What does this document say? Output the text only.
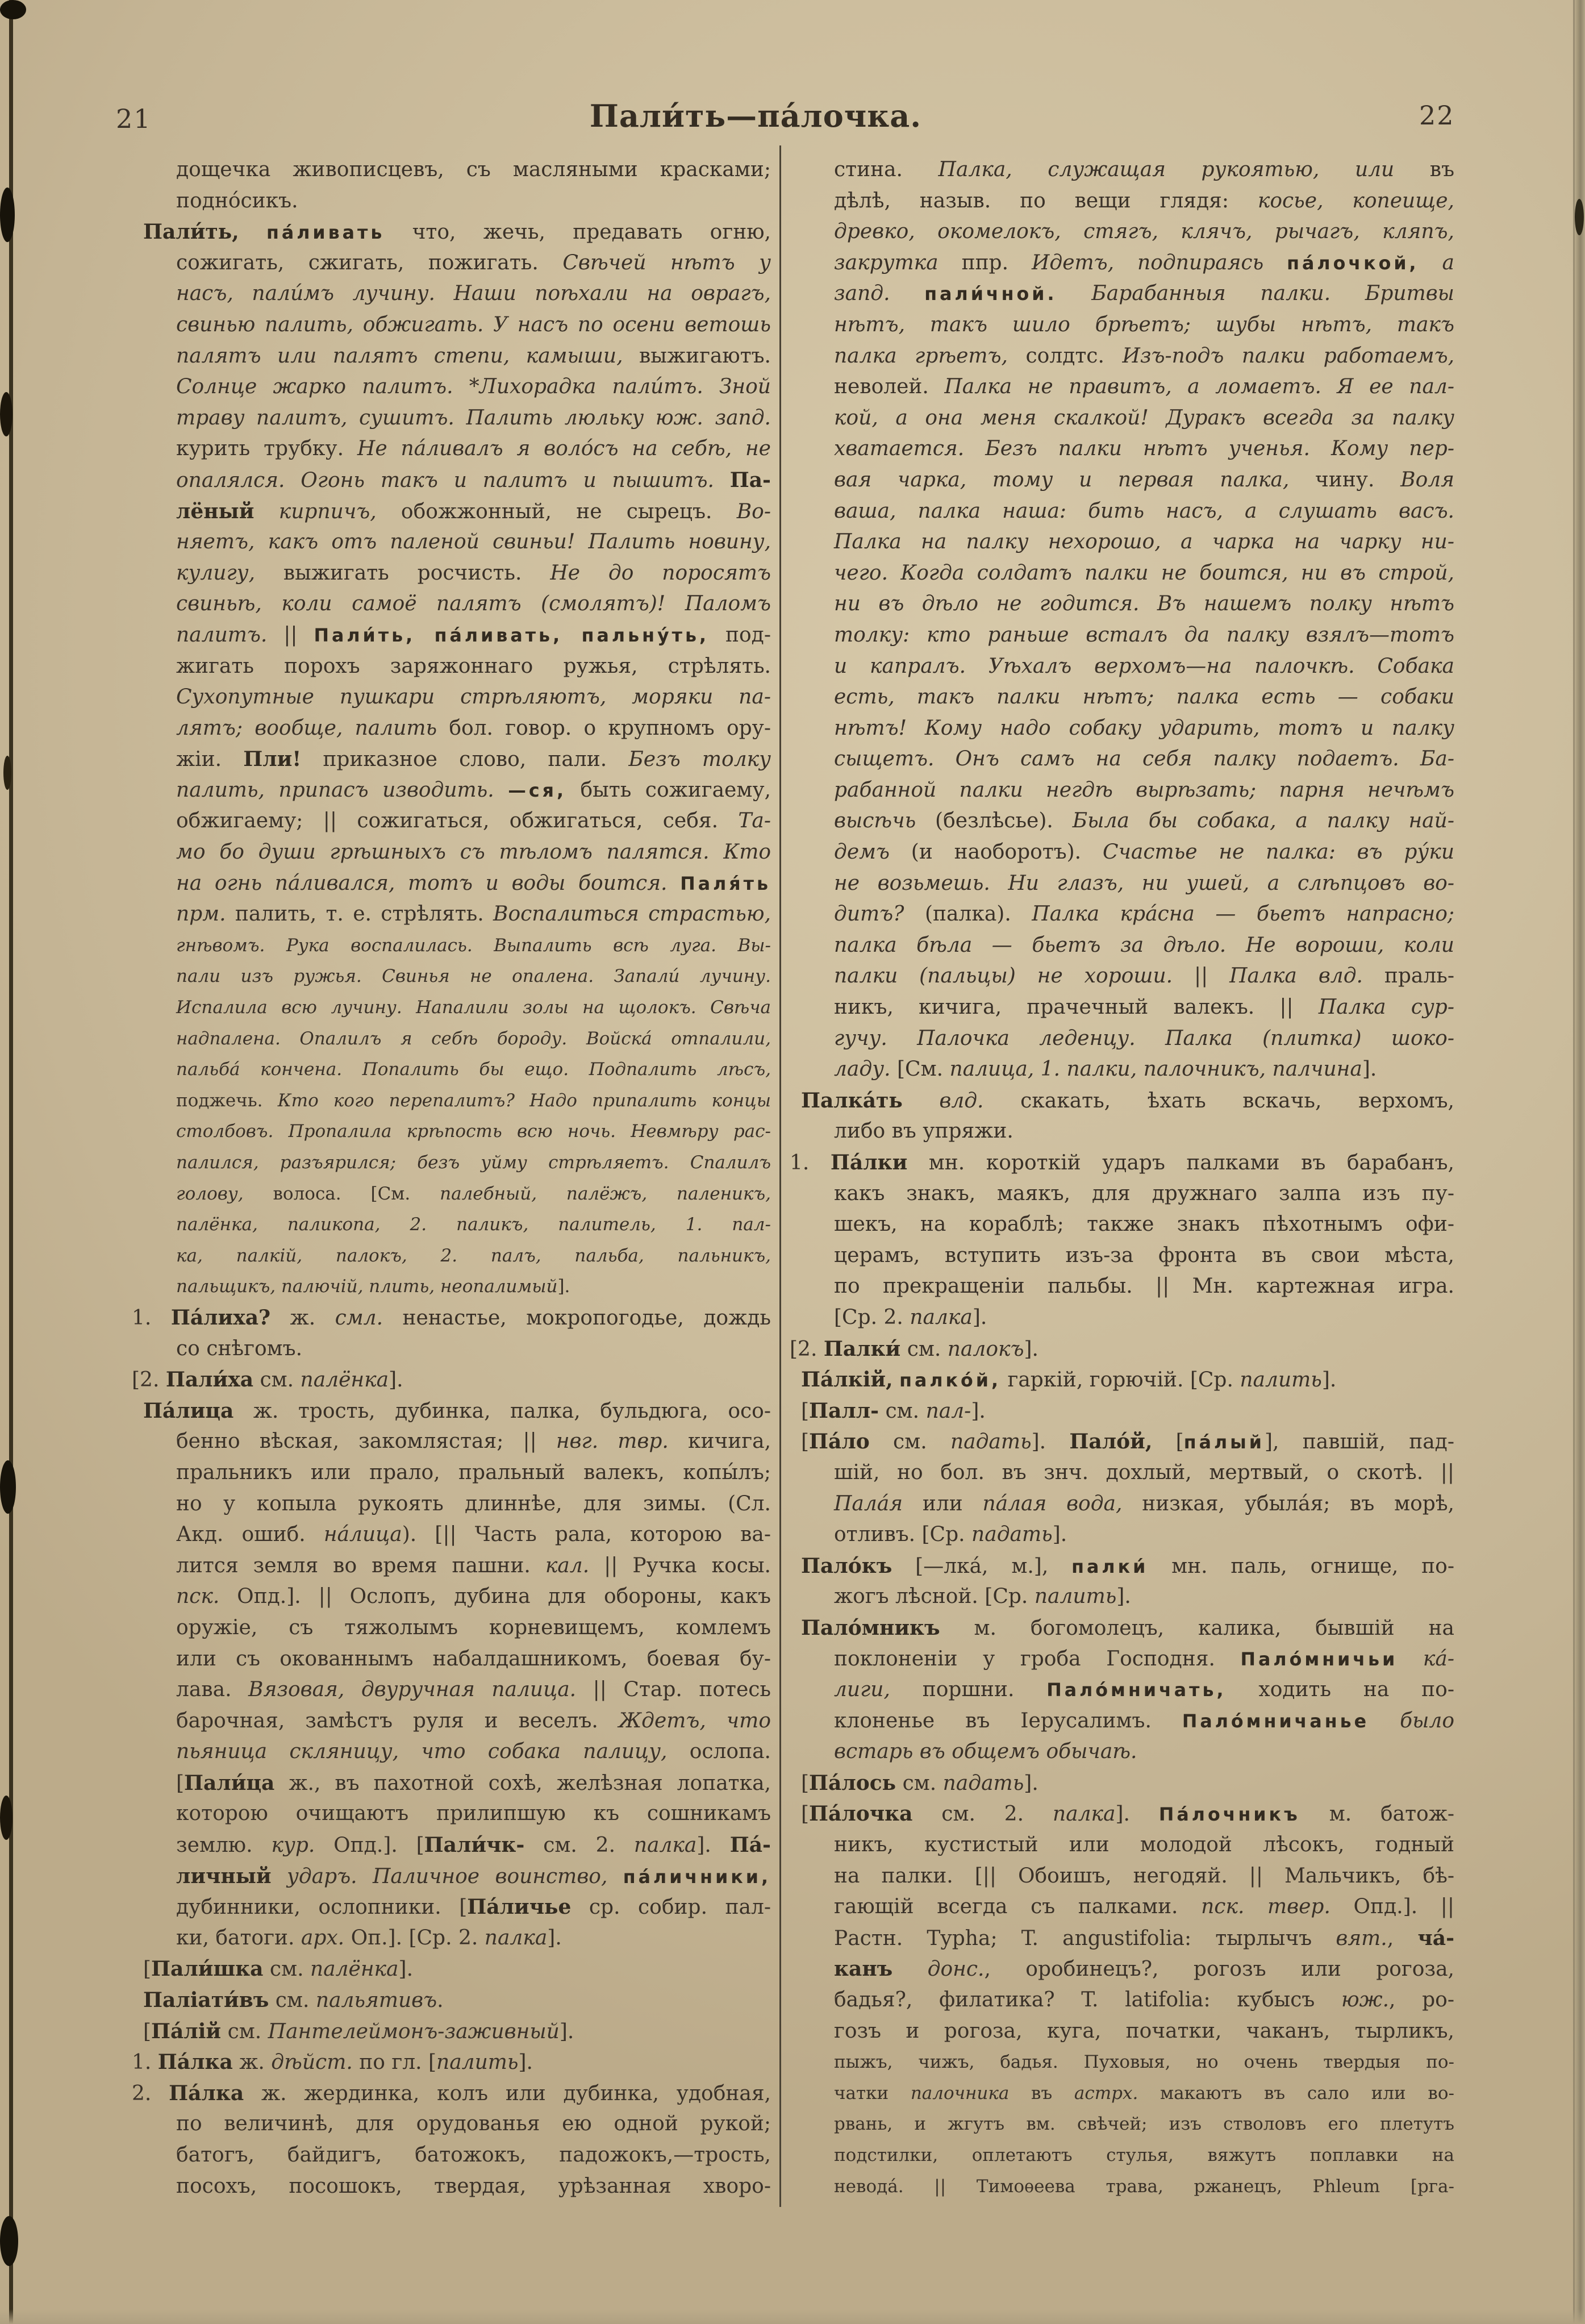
21	Пали́ть—па́лочка.	22
дощечка живописцевъ, съ масляными красками;
подно́сикъ.
Пали́ть, па́ливать что, жечь, предавать огню,
сожигать, сжигать, пожигать. Свѣчей нѣтъ у
насъ, пали́мъ лучину. Наши поѣхали на оврагъ,
свинью палить, обжигать. У насъ по осени ветошь
палятъ или палятъ степи, камыши, выжигаютъ.
Солнце жарко палитъ. *Лихорадка пали́тъ. Зной
траву палитъ, сушитъ. Палить люльку юж. запд.
курить трубку. Не па́ливалъ я воло́съ на себѣ, не
опалялся. Огонь такъ и палитъ и пышитъ. Па-
лёный кирпичъ, обожжонный, не сырецъ. Во-
няетъ, какъ отъ паленой свиньи! Палить новину,
кулигу, выжигать росчисть. Не до поросятъ
свиньѣ, коли самоё палятъ (смолятъ)! Паломъ
палитъ. || Пали́ть, па́ливать, пальну́ть, под-
жигать порохъ заряжоннаго ружья, стрѣлять.
Сухопутные пушкари стрѣляютъ, моряки па-
лятъ; вообще, палить бол. говор. о крупномъ ору-
жіи. Пли! приказное слово, пали. Безъ толку
палить, припасъ изводить. —ся, быть сожигаему,
обжигаему; || сожигаться, обжигаться, себя. Та-
мо бо души грѣшныхъ съ тѣломъ палятся. Кто
на огнь па́ливался, тотъ и воды боится. Паля́ть
прм. палить, т. е. стрѣлять. Воспалиться страстью,
гнѣвомъ. Рука воспалилась. Выпалить всѣ луга. Вы-
пали изъ ружья. Свинья не опалена. Запали́ лучину.
Испалила всю лучину. Напалили золы на щолокъ. Свѣча
надпалена. Опалилъ я себѣ бороду. Войска́ отпалили,
пальба́ кончена. Попалить бы ещо. Подпалить лѣсъ,
поджечь. Кто кого перепалитъ? Надо припалить концы
столбовъ. Пропалила крѣпость всю ночь. Невмѣру рас-
палился, разъярился; безъ уйму стрѣляетъ. Спалилъ
голову, волоса. [См. палебный, палёжъ, паленикъ,
палёнка, паликопа, 2. паликъ, палитель, 1. пал-
ка, палкій, палокъ, 2. палъ, пальба, пальникъ,
пальщикъ, палючій, плить, неопалимый].
1. Па́лиха? ж. смл. ненастье, мокропогодье, дождь
со снѣгомъ.
[2. Пали́ха см. палёнка].
Па́лица ж. трость, дубинка, палка, бульдюга, осо-
бенно вѣская, закомлястая; || нвг. твр. кичига,
пральникъ или прало, пральный валекъ, копы́лъ;
но у копыла рукоять длиннѣе, для зимы. (Сл.
Акд. ошиб. на́лица). [|| Часть рала, которою ва-
лится земля во время пашни. кал. || Ручка косы.
пск. Опд.]. || Ослопъ, дубина для обороны, какъ
оружіе, съ тяжолымъ корневищемъ, комлемъ
или съ окованнымъ набалдашникомъ, боевая бу-
лава. Вязовая, двуручная палица. || Стар. потесь
барочная, замѣстъ руля и веселъ. Ждетъ, что
пьяница скляницу, что собака палицу, ослопа.
[Пали́ца ж., въ пахотной сохѣ, желѣзная лопатка,
которою очищаютъ прилипшую къ сошникамъ
землю. кур. Опд.]. [Пали́чк- см. 2. палка]. Па́-
личный ударъ. Паличное воинство, па́личники,
дубинники, ослопники. [Па́личье ср. собир. пал-
ки, батоги. арх. Оп.]. [Ср. 2. палка].
[Пали́шка см. палёнка].
Паліати́въ см. пальятивъ.
[Па́лій см. Пантелеймонъ-заживный].
1. Па́лка ж. дѣйст. по гл. [палить].
2. Па́лка ж. жердинка, колъ или дубинка, удобная,
по величинѣ, для орудованья ею одной рукой;
батогъ, байдигъ, батожокъ, падожокъ,—трость,
посохъ, посошокъ, твердая, урѣзанная хворо-
стина. Палка, служащая рукоятью, или въ
дѣлѣ, назыв. по вещи глядя: косье, копеище,
древко, окомелокъ, стягъ, клячъ, рычагъ, кляпъ,
закрутка ппр. Идетъ, подпираясь па́лочкой, а
запд. пали́чной. Барабанныя палки. Бритвы
нѣтъ, такъ шило брѣетъ; шубы нѣтъ, такъ
палка грѣетъ, солдтс. Изъ-подъ палки работаемъ,
неволей. Палка не правитъ, а ломаетъ. Я ее пал-
кой, а она меня скалкой! Дуракъ всегда за палку
хватается. Безъ палки нѣтъ ученья. Кому пер-
вая чарка, тому и первая палка, чину. Воля
ваша, палка наша: бить насъ, а слушать васъ.
Палка на палку нехорошо, а чарка на чарку ни-
чего. Когда солдатъ палки не боится, ни въ строй,
ни въ дѣло не годится. Въ нашемъ полку нѣтъ
толку: кто раньше всталъ да палку взялъ—тотъ
и капралъ. Уѣхалъ верхомъ—на палочкѣ. Собака
есть, такъ палки нѣтъ; палка есть — собаки
нѣтъ! Кому надо собаку ударить, тотъ и палку
сыщетъ. Онъ самъ на себя палку подаетъ. Ба-
рабанной палки негдѣ вырѣзать; парня нечѣмъ
высѣчь (безлѣсье). Была бы собака, а палку най-
демъ (и наоборотъ). Счастье не палка: въ ру́ки
не возьмешь. Ни глазъ, ни ушей, а слѣпцовъ во-
дитъ? (палка). Палка кра́сна — бьетъ напрасно;
палка бѣла — бьетъ за дѣло. Не вороши, коли
палки (пальцы) не хороши. || Палка влд. праль-
никъ, кичига, прачечный валекъ. || Палка сур-
гучу. Палочка леденцу. Палка (плитка) шоко-
ладу. [См. палица, 1. палки, палочникъ, палчина].
Палка́ть влд. скакать, ѣхать вскачь, верхомъ,
либо въ упряжи.
1. Па́лки мн. короткій ударъ палками въ барабанъ,
какъ знакъ, маякъ, для дружнаго залпа изъ пу-
шекъ, на кораблѣ; также знакъ пѣхотнымъ офи-
церамъ, вступить изъ-за фронта въ свои мѣста,
по прекращеніи пальбы. || Мн. картежная игра.
[Ср. 2. палка].
[2. Палки́ см. палокъ].
Па́лкій, палко́й, гаркій, горючій. [Ср. палить].
[Палл- см. пал-].
[Па́ло см. падать]. Пало́й, [па́лый], павшій, пад-
шій, но бол. въ знч. дохлый, мертвый, о скотѣ. ||
Пала́я или па́лая вода, низкая, убыла́я; въ морѣ,
отливъ. [Ср. падать].
Пало́къ [—лка́, м.], палки́ мн. паль, огнище, по-
жогъ лѣсной. [Ср. палить].
Пало́мникъ м. богомолецъ, калика, бывшій на
поклоненіи у гроба Господня. Пало́мничьи ка́-
лиги, поршни. Пало́мничать, ходить на по-
клоненье въ Іерусалимъ. Пало́мничанье было
встарь въ общемъ обычаѣ.
[Па́лось см. падать].
[Па́лочка см. 2. палка]. Па́лочникъ м. батож-
никъ, кустистый или молодой лѣсокъ, годный
на палки. [|| Обоишъ, негодяй. || Мальчикъ, бѣ-
гающій всегда съ палками. пск. твер. Опд.]. ||
Растн. Typha; T. angustifolia: тырлычъ вят., ча́-
канъ донс., оробинецъ?, рогозъ или рогоза,
бадья?, филатика? T. latifolia: кубысъ юж., ро-
гозъ и рогоза, куга, початки, чаканъ, тырликъ,
пыжъ, чижъ, бадья. Пуховыя, но очень твердыя по-
чатки палочника въ астрх. макаютъ въ сало или во-
рвань, и жгутъ вм. свѣчей; изъ стволовъ его плетутъ
подстилки, оплетаютъ стулья, вяжутъ поплавки на
невода́. || Тимоѳеева трава, ржанецъ, Phleum [рга-
